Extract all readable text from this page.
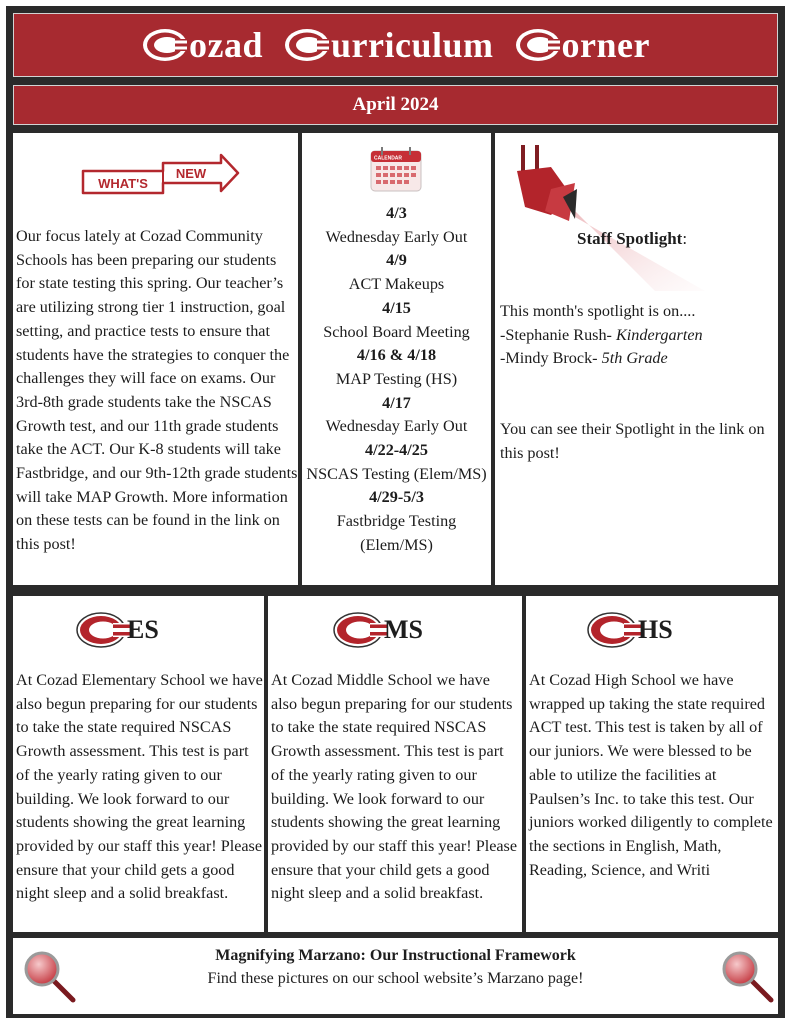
ozad urriculum orner
April 2024
WHAT'S
NEW
Our focus lately at Cozad Community Schools has been preparing our students for state testing this spring. Our teacher’s are utilizing strong tier 1 instruction, goal setting, and practice tests to ensure that students have the strategies to conquer the challenges they will face on exams. Our 3rd-8th grade students take the NSCAS Growth test, and our 11th grade students take the ACT. Our K-8 students will take Fastbridge, and our 9th-12th grade students will take MAP Growth. More information on these tests can be found in the link on this post!
CALENDAR
4/3
Wednesday Early Out
4/9
ACT Makeups
4/15
School Board Meeting
4/16 & 4/18
MAP Testing (HS)
4/17
Wednesday Early Out
4/22-4/25
NSCAS Testing (Elem/MS)
4/29-5/3
Fastbridge Testing (Elem/MS)
Staff Spotlight:
This month's spotlight is on....
-Stephanie Rush- Kindergarten
-Mindy Brock- 5th Grade
You can see their Spotlight in the link on this post!
ES
At Cozad Elementary School we have also begun preparing for our students to take the state required NSCAS Growth assessment. This test is part of the yearly rating given to our building. We look forward to our students showing the great learning provided by our staff this year! Please ensure that your child gets a good night sleep and a solid breakfast.
MS
At Cozad Middle School we have also begun preparing for our students to take the state required NSCAS Growth assessment. This test is part of the yearly rating given to our building. We look forward to our students showing the great learning provided by our staff this year! Please ensure that your child gets a good night sleep and a solid breakfast.
HS
At Cozad High School we have wrapped up taking the state required ACT test. This test is taken by all of our juniors. We were blessed to be able to utilize the facilities at Paulsen’s Inc. to take this test. Our juniors worked diligently to complete the sections in English, Math, Reading, Science, and Writi
Magnifying Marzano: Our Instructional Framework
Find these pictures on our school website’s Marzano page!
